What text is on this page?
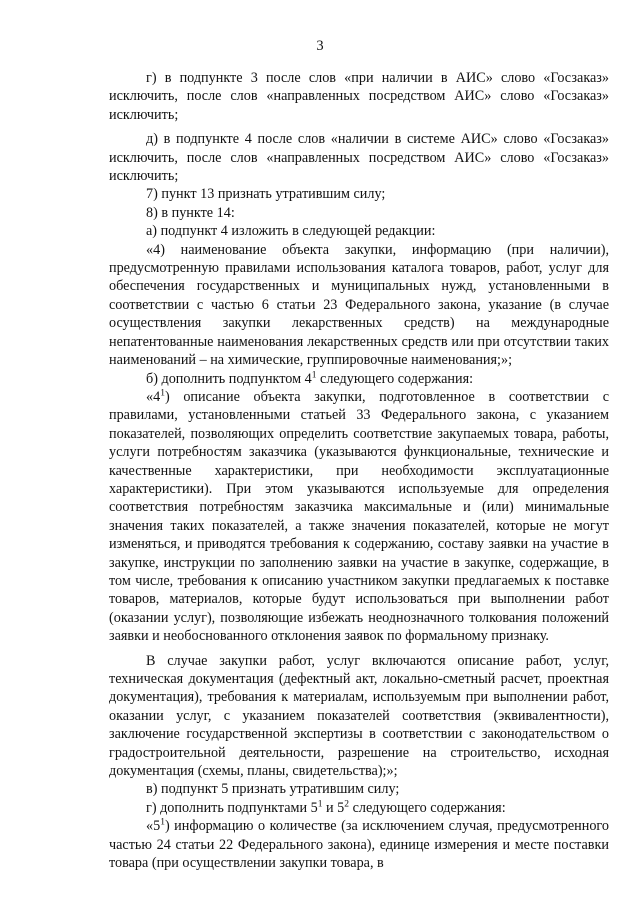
3

г) в подпункте 3 после слов «при наличии в АИС» слово «Госзаказ» исключить, после слов «направленных посредством АИС» слово «Госзаказ» исключить;

д) в подпункте 4 после слов «наличии в системе АИС» слово «Госзаказ» исключить, после слов «направленных посредством АИС» слово «Госзаказ» исключить;

7) пункт 13 признать утратившим силу;

8) в пункте 14:

а) подпункт 4 изложить в следующей редакции:

«4) наименование объекта закупки, информацию (при наличии), предусмотренную правилами использования каталога товаров, работ, услуг для обеспечения государственных и муниципальных нужд, установленными в соответствии с частью 6 статьи 23 Федерального закона, указание (в случае осуществления закупки лекарственных средств) на международные непатентованные наименования лекарственных средств или при отсутствии таких наименований – на химические, группировочные наименования;»;

б) дополнить подпунктом $4^1$ следующего содержания:

«$4^1$) описание объекта закупки, подготовленное в соответствии с правилами, установленными статьей 33 Федерального закона, с указанием показателей, позволяющих определить соответствие закупаемых товара, работы, услуги потребностям заказчика (указываются функциональные, технические и качественные характеристики, при необходимости эксплуатационные характеристики). При этом указываются используемые для определения соответствия потребностям заказчика максимальные и (или) минимальные значения таких показателей, а также значения показателей, которые не могут изменяться, и приводятся требования к содержанию, составу заявки на участие в закупке, инструкции по заполнению заявки на участие в закупке, содержащие, в том числе, требования к описанию участником закупки предлагаемых к поставке товаров, материалов, которые будут использоваться при выполнении работ (оказании услуг), позволяющие избежать неоднозначного толкования положений заявки и необоснованного отклонения заявок по формальному признаку.

В случае закупки работ, услуг включаются описание работ, услуг, техническая документация (дефектный акт, локально-сметный расчет, проектная документация), требования к материалам, используемым при выполнении работ, оказании услуг, с указанием показателей соответствия (эквивалентности), заключение государственной экспертизы в соответствии с законодательством о градостроительной деятельности, разрешение на строительство, исходная документация (схемы, планы, свидетельства);»;

в) подпункт 5 признать утратившим силу;

г) дополнить подпунктами $5^1$ и $5^2$ следующего содержания:

«$5^1$) информацию о количестве (за исключением случая, предусмотренного частью 24 статьи 22 Федерального закона), единице измерения и месте поставки товара (при осуществлении закупки товара, в
